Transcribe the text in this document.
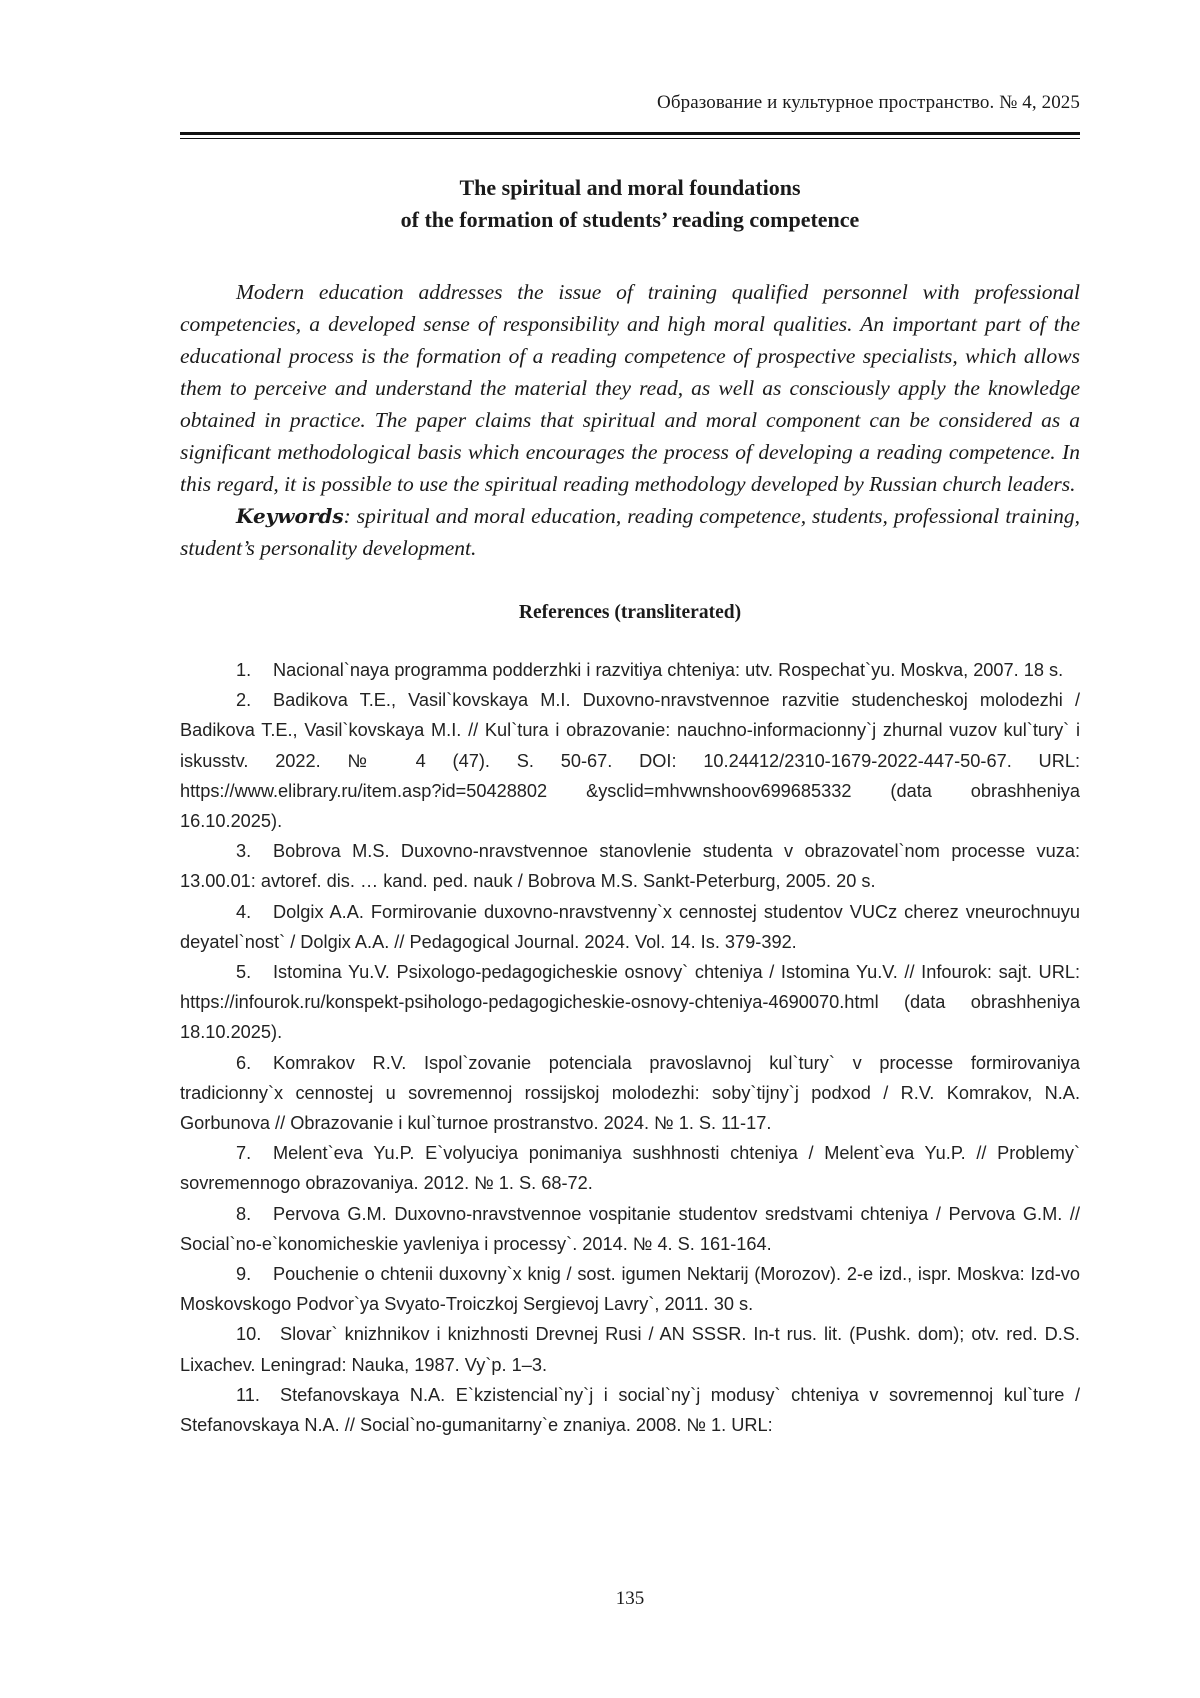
Образование и культурное пространство. № 4, 2025
The spiritual and moral foundations
of the formation of students’ reading competence

Modern education addresses the issue of training qualified personnel with professional competencies, a developed sense of responsibility and high moral qualities. An important part of the educational process is the formation of a reading competence of prospective specialists, which allows them to perceive and understand the material they read, as well as consciously apply the knowledge obtained in practice. The paper claims that spiritual and moral component can be considered as a significant methodological basis which encourages the process of developing a reading competence. In this regard, it is possible to use the spiritual reading methodology developed by Russian church leaders.

Keywords: spiritual and moral education, reading competence, students, professional training, student’s personality development.

References (transliterated)
1. Nacional`naya programma podderzhki i razvitiya chteniya: utv. Rospechat`yu. Moskva, 2007. 18 s.
2. Badikova T.E., Vasil`kovskaya M.I. Duxovno-nravstvennoe razvitie studencheskoj molodezhi / Badikova T.E., Vasil`kovskaya M.I. // Kul`tura i obrazovanie: nauchno-informacionny`j zhurnal vuzov kul`tury` i iskusstv. 2022. № 4 (47). S. 50-67. DOI: 10.24412/2310-1679-2022-447-50-67. URL: https://www.elibrary.ru/item.asp?id=50428802 &ysclid=mhvwnshoov699685332 (data obrashheniya 16.10.2025).
3. Bobrova M.S. Duxovno-nravstvennoe stanovlenie studenta v obrazovatel`nom processe vuza: 13.00.01: avtoref. dis. … kand. ped. nauk / Bobrova M.S. Sankt-Peterburg, 2005. 20 s.
4. Dolgix A.A. Formirovanie duxovno-nravstvenny`x cennostej studentov VUCz cherez vneurochnuyu deyatel`nost` / Dolgix A.A. // Pedagogical Journal. 2024. Vol. 14. Is. 379-392.
5. Istomina Yu.V. Psixologo-pedagogicheskie osnovy` chteniya / Istomina Yu.V. // Infourok: sajt. URL: https://infourok.ru/konspekt-psihologo-pedagogicheskie-osnovy-chteniya-4690070.html (data obrashheniya 18.10.2025).
6. Komrakov R.V. Ispol`zovanie potenciala pravoslavnoj kul`tury` v processe formirovaniya tradicionny`x cennostej u sovremennoj rossijskoj molodezhi: soby`tijny`j podxod / R.V. Komrakov, N.A. Gorbunova // Obrazovanie i kul`turnoe prostranstvo. 2024. № 1. S. 11-17.
7. Melent`eva Yu.P. E`volyuciya ponimaniya sushhnosti chteniya / Melent`eva Yu.P. // Problemy` sovremennogo obrazovaniya. 2012. № 1. S. 68-72.
8. Pervova G.M. Duxovno-nravstvennoe vospitanie studentov sredstvami chteniya / Pervova G.M. // Social`no-e`konomicheskie yavleniya i processy`. 2014. № 4. S. 161-164.
9. Pouchenie o chtenii duxovny`x knig / sost. igumen Nektarij (Morozov). 2-e izd., ispr. Moskva: Izd-vo Moskovskogo Podvor`ya Svyato-Troiczkoj Sergievoj Lavry`, 2011. 30 s.
10. Slovar` knizhnikov i knizhnosti Drevnej Rusi / AN SSSR. In-t rus. lit. (Pushk. dom); otv. red. D.S. Lixachev. Leningrad: Nauka, 1987. Vy`p. 1–3.
11. Stefanovskaya N.A. E`kzistencial`ny`j i social`ny`j modusy` chteniya v sovremennoj kul`ture / Stefanovskaya N.A. // Social`no-gumanitarny`e znaniya. 2008. № 1. URL:
135
